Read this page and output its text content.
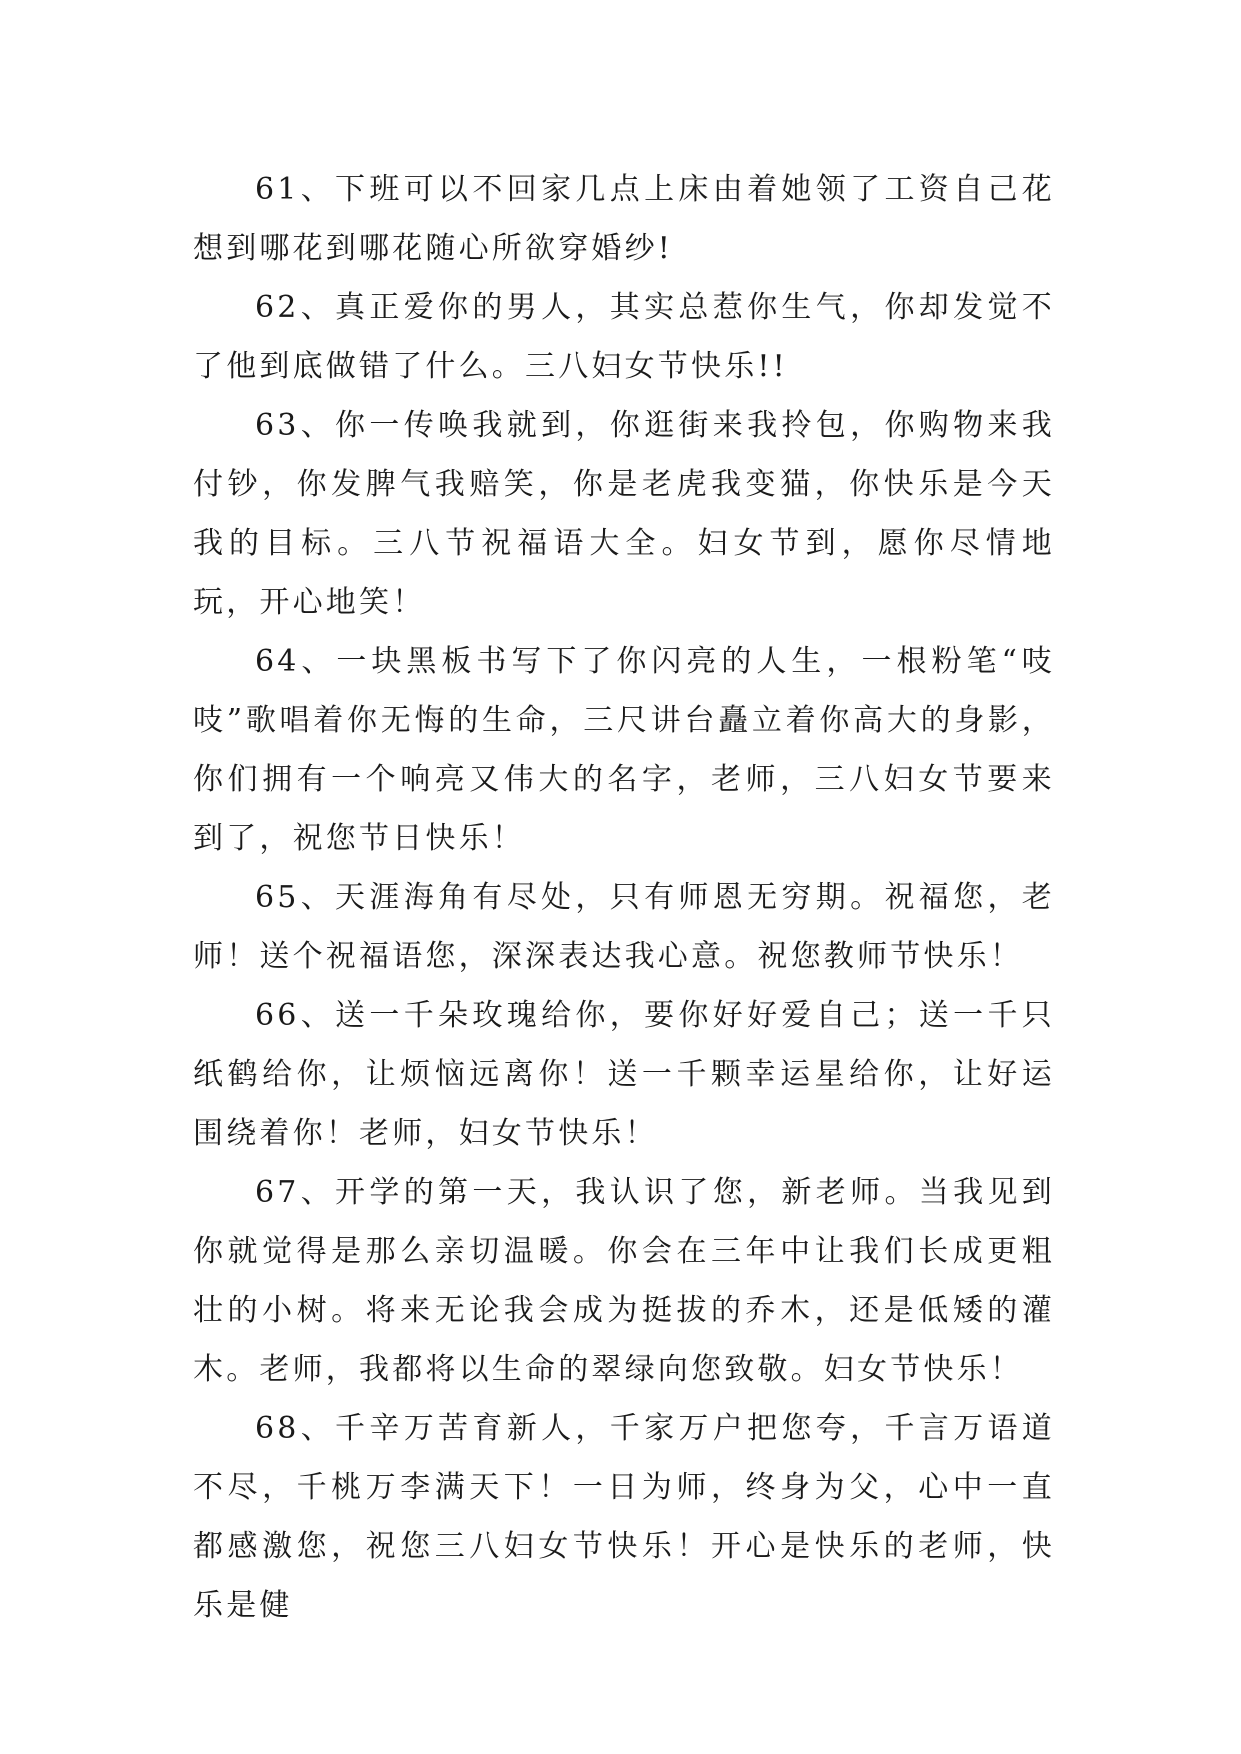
61、下班可以不回家几点上床由着她领了工资自己花想到哪花到哪花随心所欲穿婚纱!

62、真正爱你的男人，其实总惹你生气，你却发觉不了他到底做错了什么。三八妇女节快乐!!

63、你一传唤我就到，你逛街来我拎包，你购物来我付钞，你发脾气我赔笑，你是老虎我变猫，你快乐是今天我的目标。三八节祝福语大全。妇女节到，愿你尽情地玩，开心地笑！

64、一块黑板书写下了你闪亮的人生，一根粉笔“吱吱”歌唱着你无悔的生命，三尺讲台矗立着你高大的身影，你们拥有一个响亮又伟大的名字，老师，三八妇女节要来到了，祝您节日快乐！

65、天涯海角有尽处，只有师恩无穷期。祝福您，老师！送个祝福语您，深深表达我心意。祝您教师节快乐！

66、送一千朵玫瑰给你，要你好好爱自己；送一千只纸鹤给你，让烦恼远离你！送一千颗幸运星给你，让好运围绕着你！老师，妇女节快乐！

67、开学的第一天，我认识了您，新老师。当我见到你就觉得是那么亲切温暖。你会在三年中让我们长成更粗壮的小树。将来无论我会成为挺拔的乔木，还是低矮的灌木。老师，我都将以生命的翠绿向您致敬。妇女节快乐！

68、千辛万苦育新人，千家万户把您夸，千言万语道不尽，千桃万李满天下！一日为师，终身为父，心中一直都感激您，祝您三八妇女节快乐！开心是快乐的老师，快乐是健
